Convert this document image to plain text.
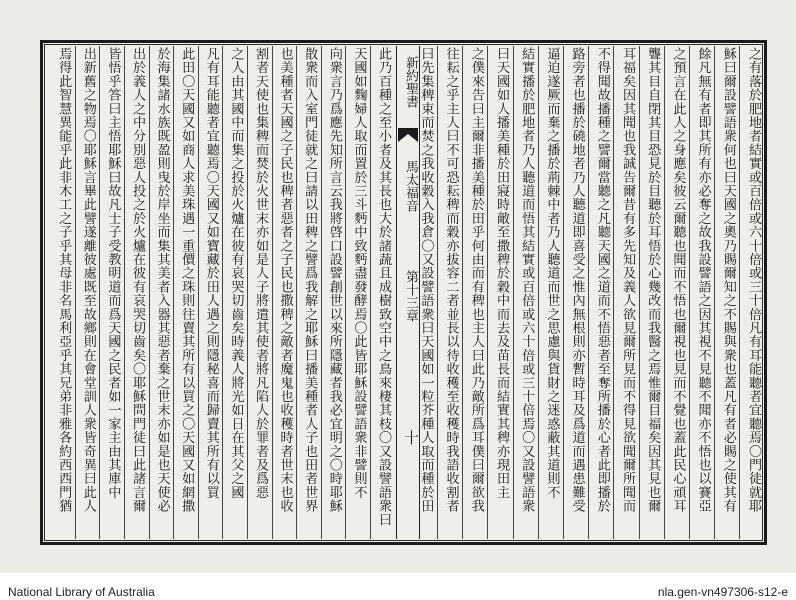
新約聖書
馬太福音
第十三章
十	之有落於肥地者結實或百倍或六十倍或三十倍凡有耳能聽者宜聽焉〇門徒就耶
穌曰爾設譬語衆何也曰天國之奧乃賜爾知之不賜與衆也蓋凡有者必賜之使其有
餘凡無有者即其所有亦必奪之故我設譬語之因其視不見聽不聞亦不悟也以賽亞
之預言在此人之身應矣彼云爾聽也聞而不悟也爾視也見而不覺也蓋此民心頑耳
聾其目自閉其目恐見於目聽於耳悟於心幾改而我醫之焉惟爾目福矣因其見也爾
耳福矣因其聞也我誠告爾昔有多先知及義人欲見爾所見而不得見欲聞爾所聞而
不得聞故播種之譬爾當聽之凡聽天國之道而不悟惡者至奪所播於心者此即播於
路旁者也播於磽地者乃人聽道即喜受之惟內無根則亦暫時耳及爲道而遇患難受
逼迫遂厥而棄之播於荊棘中者乃人聽道而世之思慮與貨財之迷惑蔽其道則不
結實播於肥地者乃人聽道而悟其結實或百倍或六十倍或三十倍焉〇又設譬語衆
曰天國如人播美種於田寢時敵至撒稗於穀中而去及苗長而結實其稗亦現田主
之僕來告曰主爾非播美種於田乎何由而有稗也主人曰此乃敵所爲耳僕曰爾欲我
往耘之乎主人曰不可恐耘稗而穀亦拔容二者並長以待收穫至收穫時我語收割者
曰先集稗束而焚之我收穀入我倉〇又設譬語衆曰天國如一粒芥種人取而種於田
此乃百種之至小者及其長也大於諸蔬且成樹致空中之鳥來棲其枝〇又設譬語衆曰
天國如麴婦人取而置於三斗麪中致麪盡發酵焉〇此皆耶穌設譬語衆非譬則不
向衆言乃爲應先知所言云我將啓口設譬創世以來所隱藏者我必宜明之〇時耶穌
散衆而入室門徒就之曰請以田稗之譬爲我解之耶穌曰播美種者人子也田者世界
也美種者天國之子民也稗者惡者之子民也撒稗之敵者魔鬼也收穫時者世末也收
割者天使也集稗而焚於火世末亦如是人子將遣其使者將凡陷人於罪者及爲惡
之人由其國中而集之投於火爐在彼有哀哭切齒矣時義人將光如日在其父之國
凡有耳能聽者宜聽焉〇天國又如寶藏於田人遇之則隱秘喜而歸賣其所有以買
此田〇天國又如商人求美珠遇一重價之珠則往賣其所有以買之〇天國又如網撒
於海集諸水族既盈則曳於岸坐而集其美者入器其惡者棄之世末亦如是也天使必
出於義人之中分別惡人投之於火爐在彼有哀哭切齒矣〇耶穌問門徒曰此諸言爾
皆悟乎答曰主悟耶穌曰故凡士子受教明道而爲天國之民者如一家主由其庫中
出新舊之物焉〇耶穌言畢此譬遂離彼處既至故鄉則在會堂訓人衆皆奇異曰此人
焉得此智慧異能乎此非木工之子乎其母非名馬利亞乎其兄弟非雅各約西西門猶
National Library of Australia	nla.gen-vn497306-s12-e
